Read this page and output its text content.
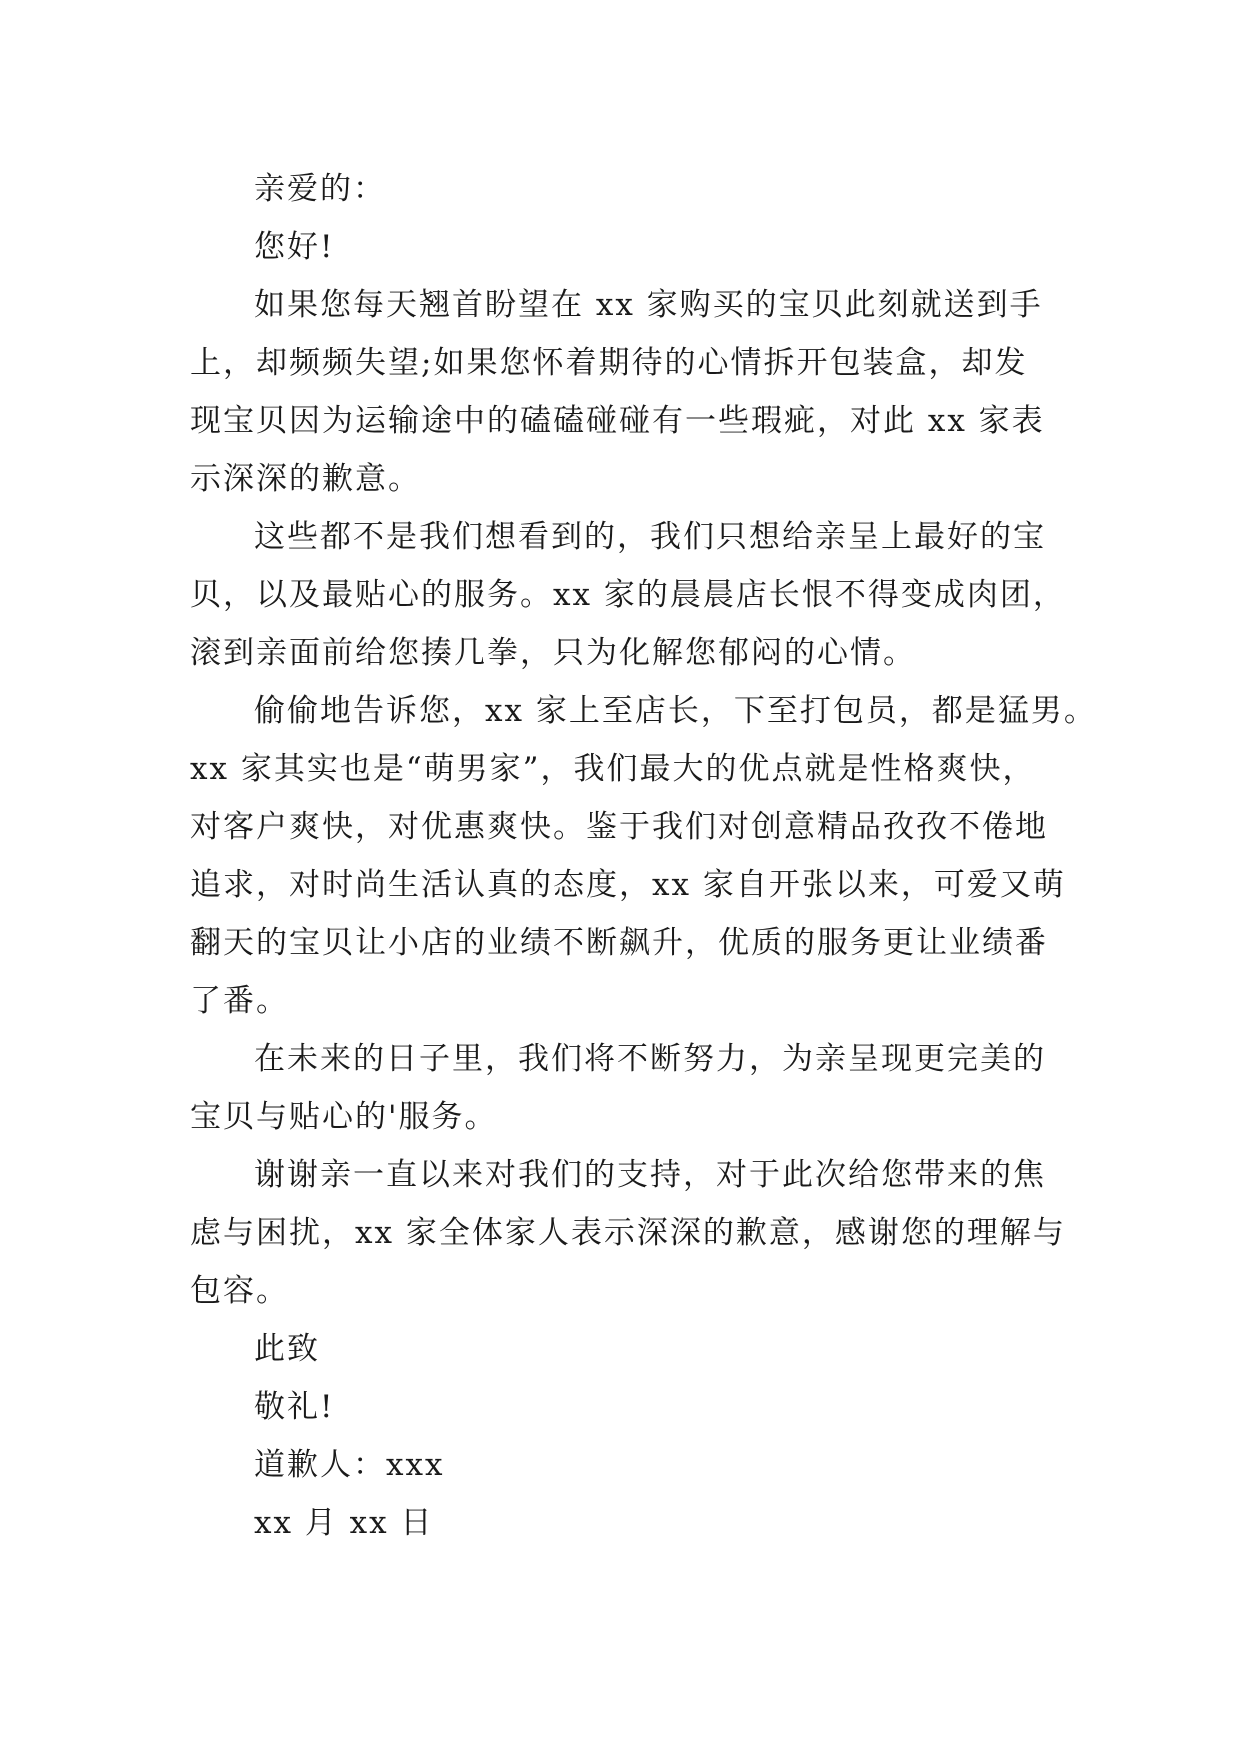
亲爱的：

您好!

如果您每天翘首盼望在 xx 家购买的宝贝此刻就送到手
上，却频频失望;如果您怀着期待的心情拆开包装盒，却发
现宝贝因为运输途中的磕磕碰碰有一些瑕疵，对此 xx 家表
示深深的歉意。
这些都不是我们想看到的，我们只想给亲呈上最好的宝
贝，以及最贴心的服务。xx 家的晨晨店长恨不得变成肉团，
滚到亲面前给您揍几拳，只为化解您郁闷的心情。
偷偷地告诉您，xx 家上至店长，下至打包员，都是猛男。
xx 家其实也是“萌男家”，我们最大的优点就是性格爽快，
对客户爽快，对优惠爽快。鉴于我们对创意精品孜孜不倦地
追求，对时尚生活认真的态度，xx 家自开张以来，可爱又萌
翻天的宝贝让小店的业绩不断飙升，优质的服务更让业绩番
了番。
在未来的日子里，我们将不断努力，为亲呈现更完美的
宝贝与贴心的'服务。
谢谢亲一直以来对我们的支持，对于此次给您带来的焦
虑与困扰，xx 家全体家人表示深深的歉意，感谢您的理解与
包容。

此致

敬礼!

道歉人：xxx

xx 月 xx 日
